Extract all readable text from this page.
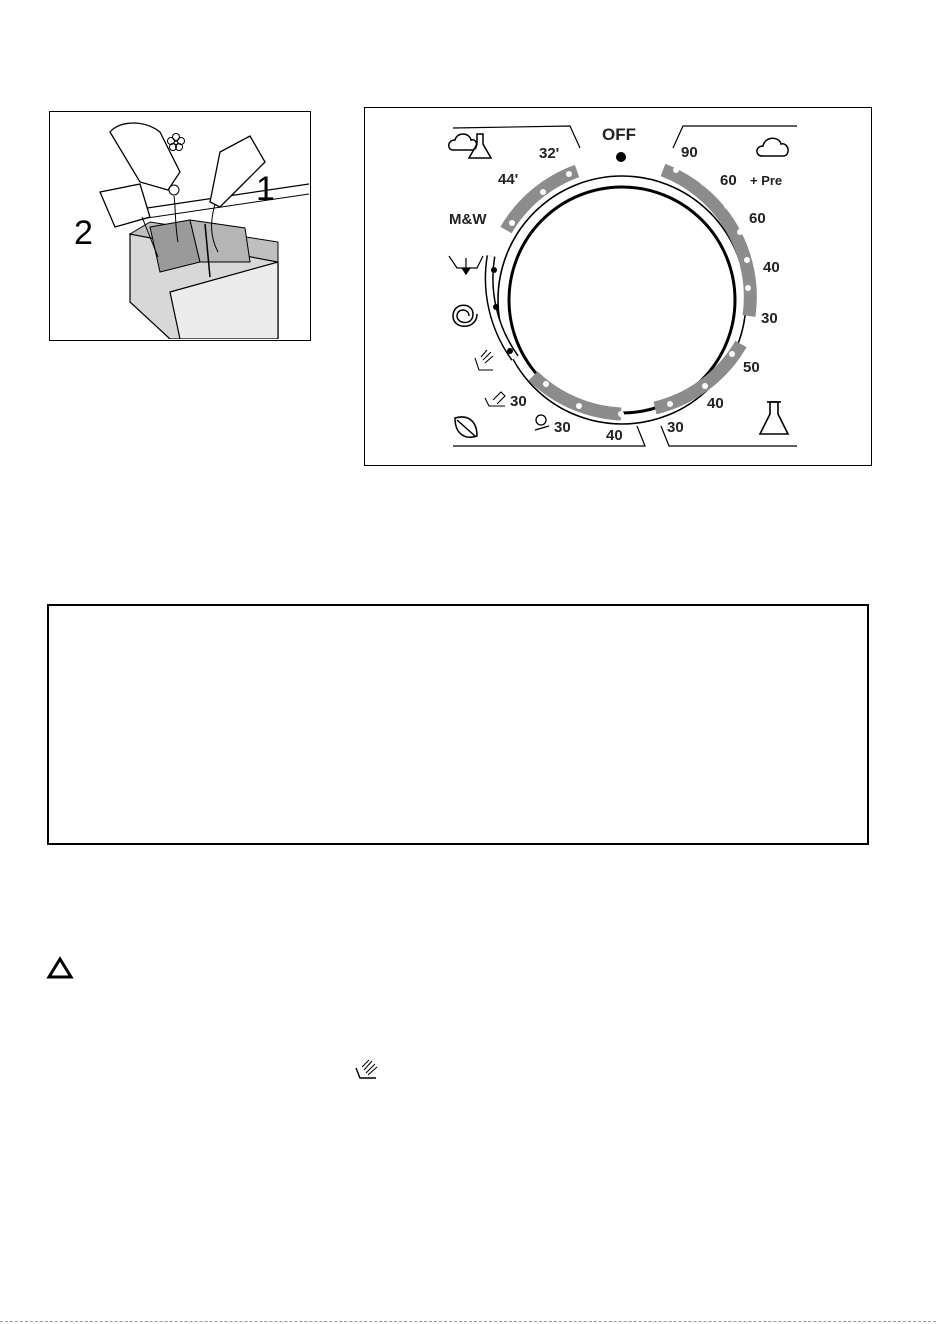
1
2
OFF
32'
44'
M&W
90
60 + Pre
60
40
30
50
40
30
30
30 40
